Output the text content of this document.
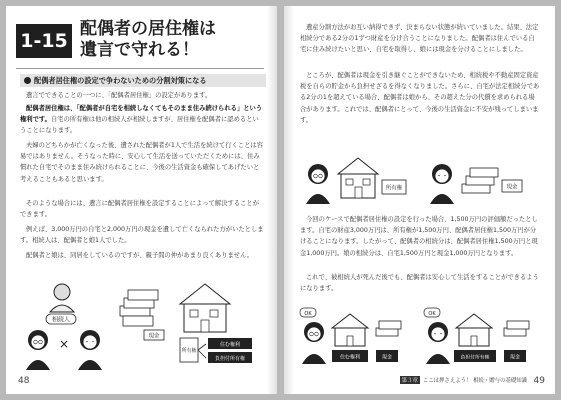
1-15
配偶者の居住権は
遺言で守れる！
配偶者居住権の設定で争わないための分割対策になる
遺言でできることの一つに、「配偶者居住権」の設定があります。
配偶者居住権は、「配偶者が自宅を相続しなくてもそのまま住み続けられる」という権利です。自宅の所有権は他の相続人が相続しますが、居住権を配偶者に認めるということになります。
夫婦のどちらかが亡くなった後、遺された配偶者が1人で生活を続けて行くことは容易ではありません。そうなった時に、安心して生活を送っていただくためには、住み慣れた自宅でそのまま住み続けられることに、今後の生活資金も確保してあげたいと考えることもあると思います。
そのような場合には、遺言に配偶者居住権を設定することによって解決することができます。
例えば、3,000万円の自宅と2,000万円の現金を遺して亡くなられた方がいたとします。相続人は、配偶者と娘1人でした。
配偶者と娘は、同居をしているのですが、親子間の仲があまり良くありません。
相続人
×
現金
所有権
住む権利
負担付所有権
48
遺産分割方法がお互い納得できず、決まらない状態が続いていました。結果、法定相続分である2分の1ずつ財産を分け合うことになりました。配偶者は住んでいる自宅に住み続けたいと思い、自宅を取得し、娘には現金を分けることにしました。
ところが、配偶者は現金を引き継ぐことができないため、相続税や不動産固定資産税を自らの貯金から負担せざるを得なくなりました。さらに、自宅が法定相続分である2分の1を超えている場合、配偶者は娘から、その超えた分の代償を求められる場合があります。これでは、配偶者にとって、今後の生活資金に不安が残ってしまいます。
所有権	現金
今回のケースで配偶者居住権の設定を行った場合、1,500万円の評価額だったとします。自宅の財産3,000万円は、所有権が1,500万円、配偶者居住権1,500万円が分けることになります。したがって、配偶者の相続分は、配偶者居住権1,500万円と現金1,000万円。娘の相続分は、自宅1,500万円と現金1,000万円となります。
これで、被相続人が死んだ後でも、配偶者は安心して生活をすることができるようになります。
OK
住む権利	現金
OK
負担付所有権	現金
第３章 ここは押さえよう！ 相続・贈与の基礎知識 49
